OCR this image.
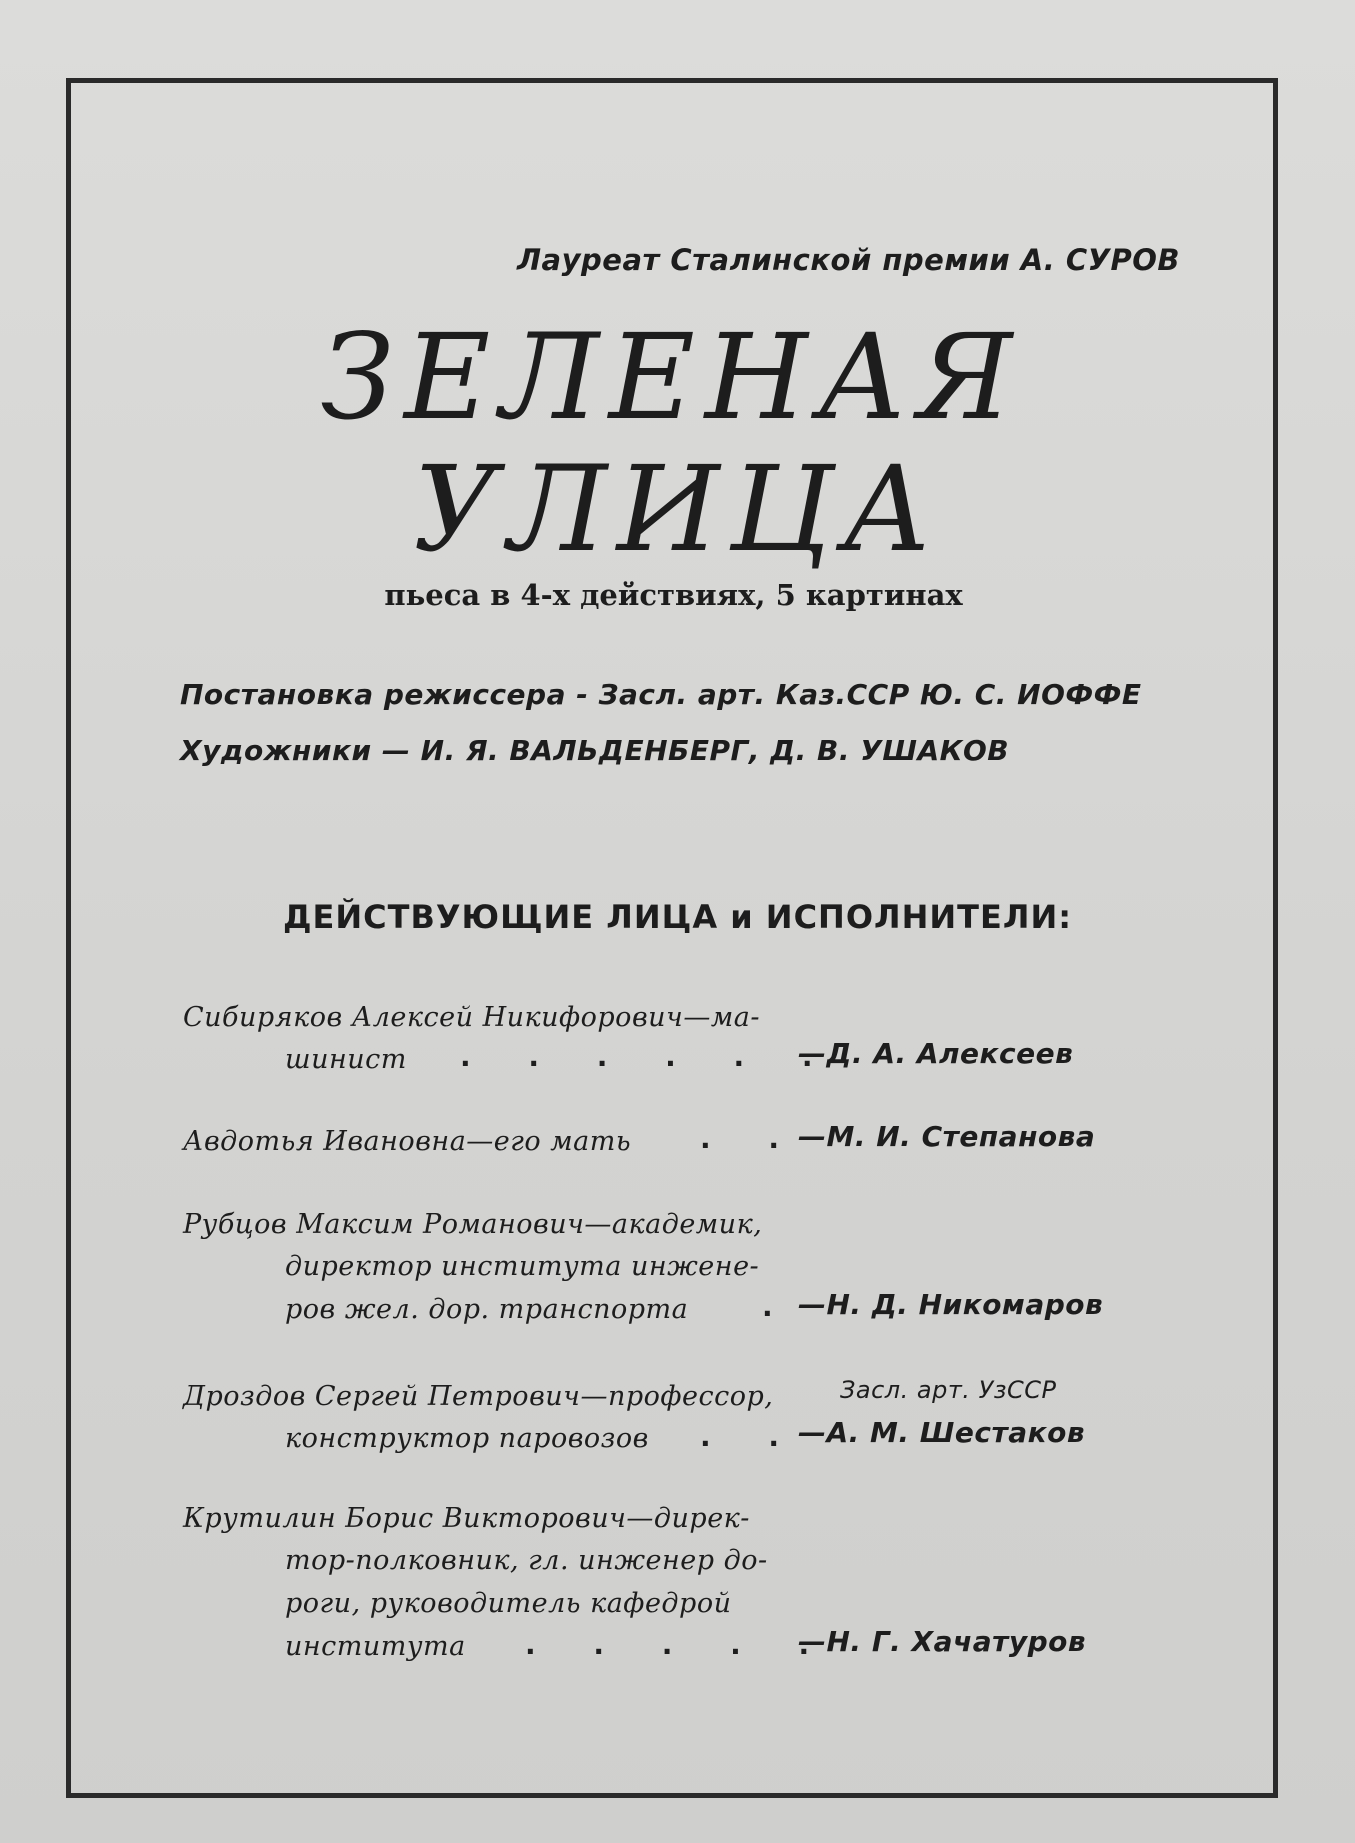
Лауреат Сталинской премии А. СУРОВ
ЗЕЛЕНАЯ
УЛИЦА
пьеса в 4-х действиях, 5 картинах
Постановка режиссера - Засл. арт. Каз.ССР Ю. С. ИОФФЕ
Художники — И. Я. ВАЛЬДЕНБЕРГ, Д. В. УШАКОВ
ДЕЙСТВУЮЩИЕ ЛИЦА и ИСПОЛНИТЕЛИ:
Сибиряков Алексей Никифорович—ма-
шинист . . . . . .
—Д. А. Алексеев
Авдотья Ивановна—его мать . .
—М. И. Степанова
Рубцов Максим Романович—академик,
директор института инжене-
ров жел. дор. транспорта	. —Н. Д. Никомаров
Дроздов Сергей Петрович—профессор,	Засл. арт. УзССР
конструктор паровозов . .
—А. М. Шестаков
Крутилин Борис Викторович—дирек-
тор-полковник, гл. инженер до-
роги, руководитель кафедрой
института . . . . .
—Н. Г. Хачатуров
